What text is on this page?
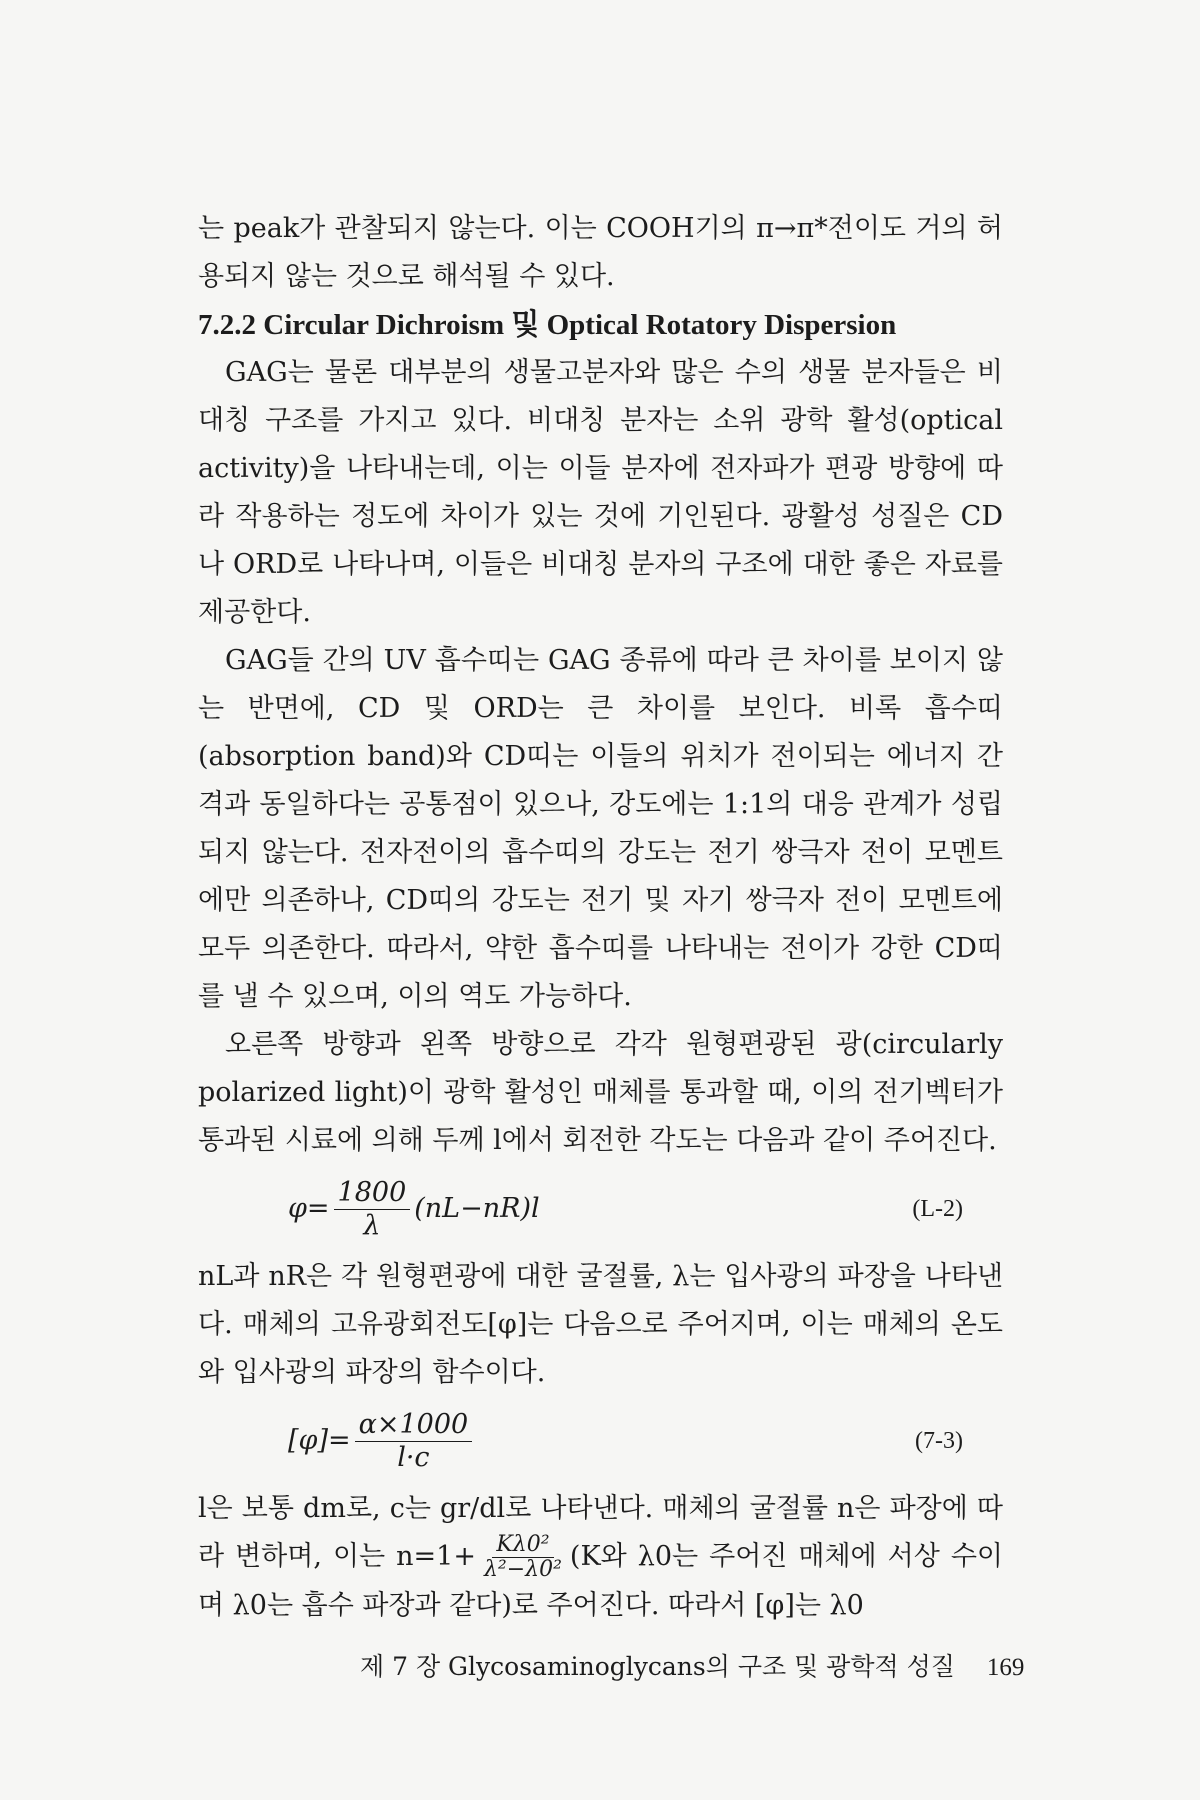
는 peak가 관찰되지 않는다. 이는 COOH기의 π→π*전이도 거의 허용되지 않는 것으로 해석될 수 있다.

7.2.2 Circular Dichroism 및 Optical Rotatory Dispersion

GAG는 물론 대부분의 생물고분자와 많은 수의 생물 분자들은 비대칭 구조를 가지고 있다. 비대칭 분자는 소위 광학 활성(optical activity)을 나타내는데, 이는 이들 분자에 전자파가 편광 방향에 따라 작용하는 정도에 차이가 있는 것에 기인된다. 광활성 성질은 CD나 ORD로 나타나며, 이들은 비대칭 분자의 구조에 대한 좋은 자료를 제공한다.

GAG들 간의 UV 흡수띠는 GAG 종류에 따라 큰 차이를 보이지 않는 반면에, CD 및 ORD는 큰 차이를 보인다. 비록 흡수띠(absorption band)와 CD띠는 이들의 위치가 전이되는 에너지 간격과 동일하다는 공통점이 있으나, 강도에는 1:1의 대응 관계가 성립되지 않는다. 전자전이의 흡수띠의 강도는 전기 쌍극자 전이 모멘트에만 의존하나, CD띠의 강도는 전기 및 자기 쌍극자 전이 모멘트에 모두 의존한다. 따라서, 약한 흡수띠를 나타내는 전이가 강한 CD띠를 낼 수 있으며, 이의 역도 가능하다.

오른쪽 방향과 왼쪽 방향으로 각각 원형편광된 광(circularly polarized light)이 광학 활성인 매체를 통과할 때, 이의 전기벡터가 통과된 시료에 의해 두께 l에서 회전한 각도는 다음과 같이 주어진다.

$\varphi= \frac{1800}{\lambda} (nL-nR)l$	(L-2)

nL과 nR은 각 원형편광에 대한 굴절률, λ는 입사광의 파장을 나타낸다. 매체의 고유광회전도[φ]는 다음으로 주어지며, 이는 매체의 온도와 입사광의 파장의 함수이다.

$[\varphi]= \frac{\alpha\times 1000}{l\cdot c}$	(7-3)

l은 보통 dm로, c는 gr/dl로 나타낸다. 매체의 굴절률 n은 파장에 따라 변하며, 이는 $n=1+ \frac{\text{Kλ0²}}{\text{λ²−λ0²}} (K$와 λ0는 주어진 매체에 서상 수이며 λ0는 흡수 파장과 같다)로 주어진다. 따라서 [φ]는 λ0

제 7 장 Glycosaminoglycans의 구조 및 광학적 성질 169
